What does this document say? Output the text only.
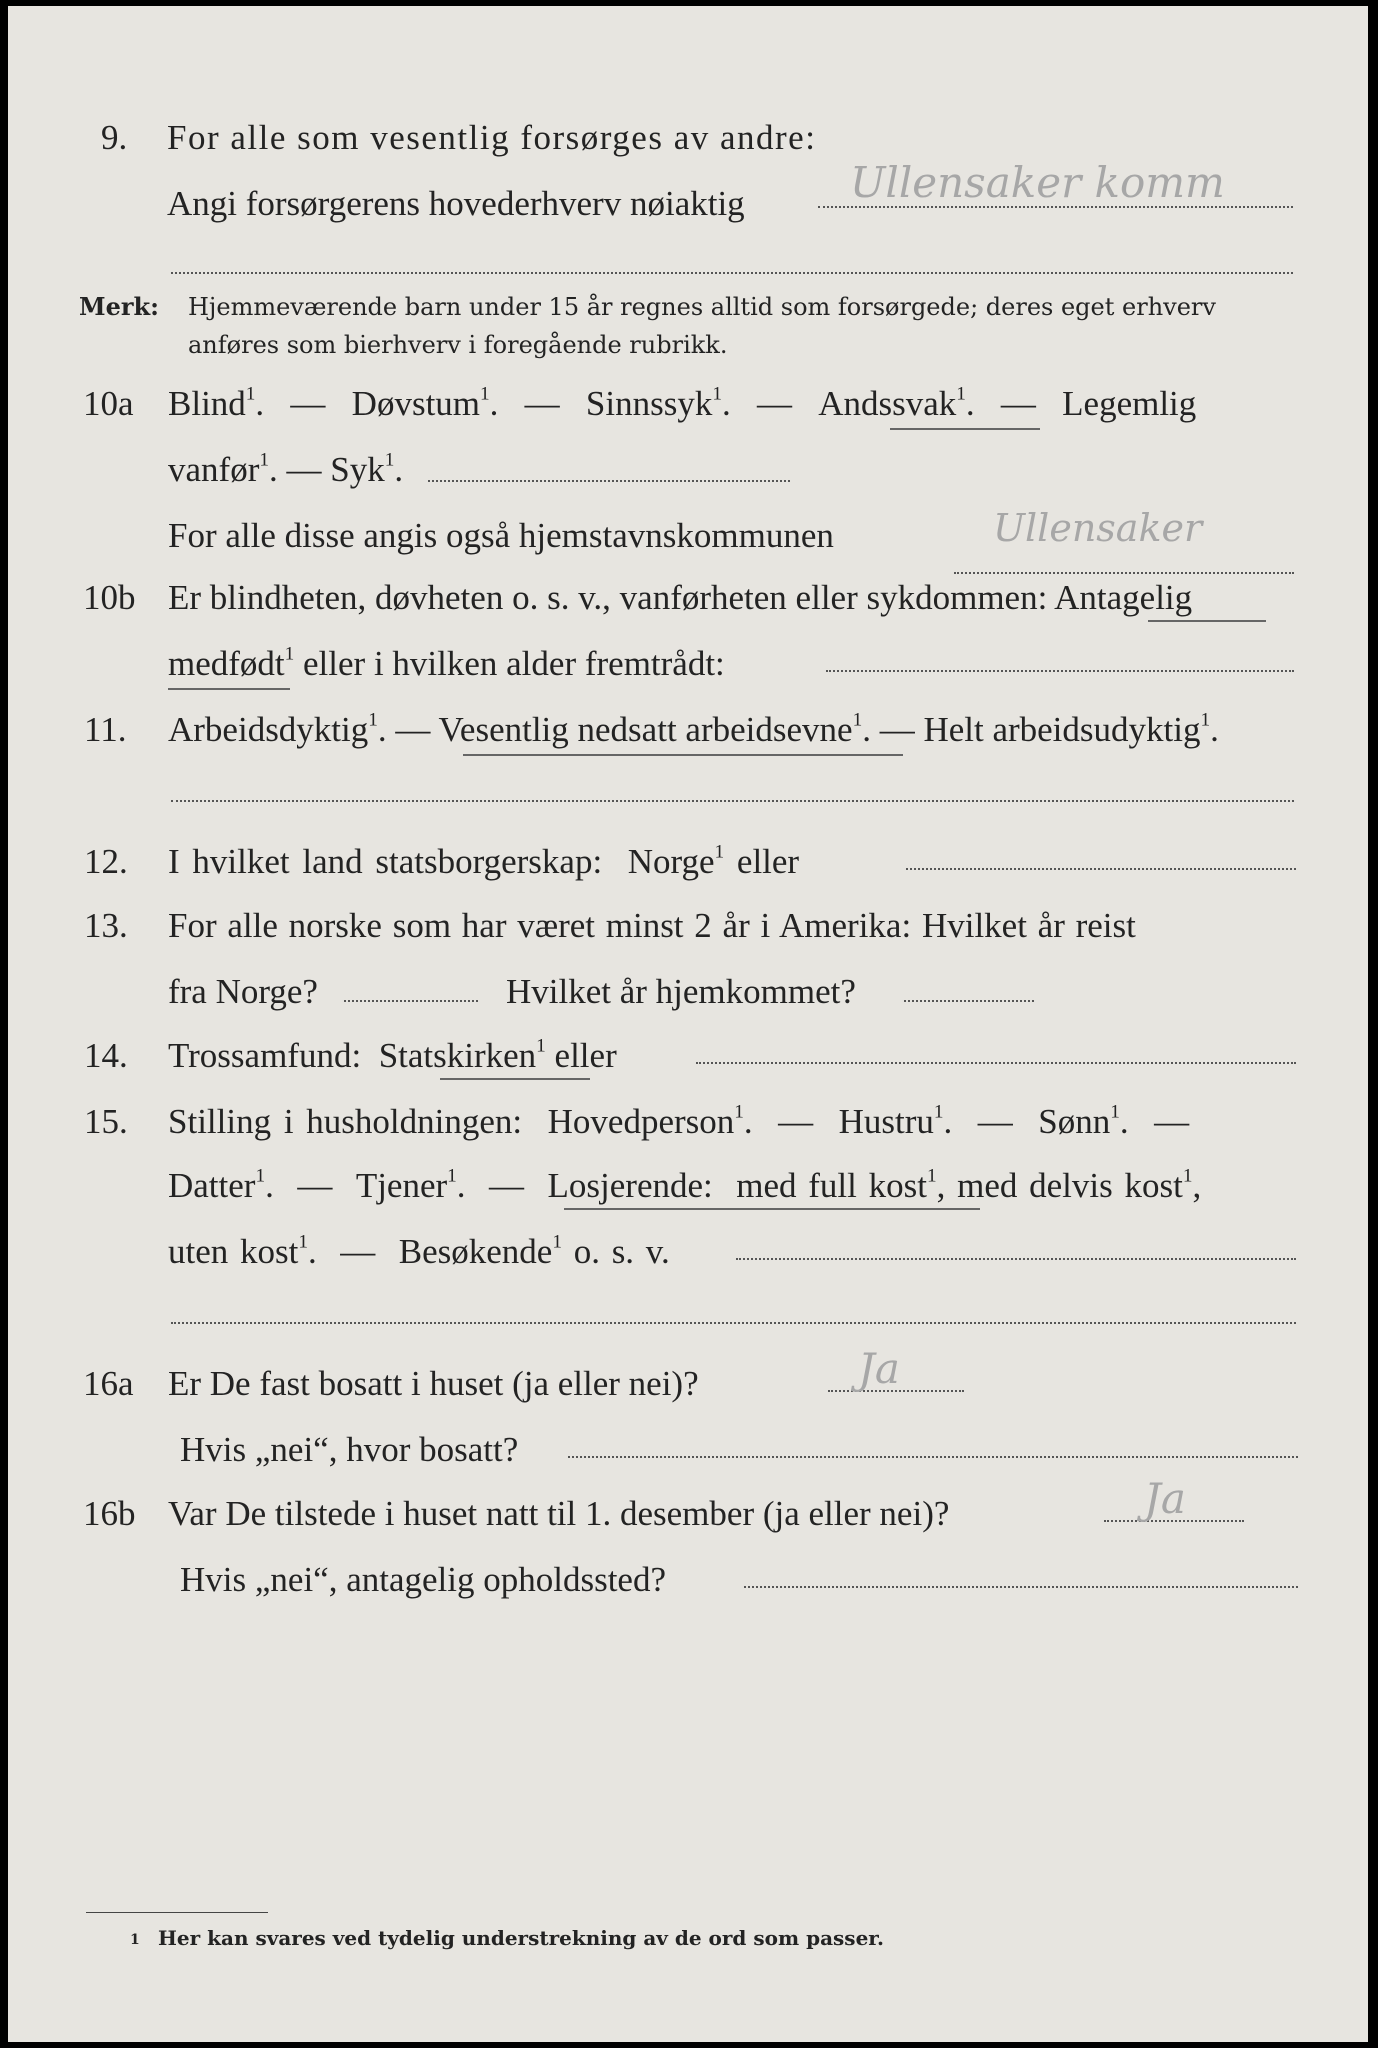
9. For alle som vesentlig forsørges av andre:
Angi forsørgerens hovederhverv nøiaktig	Ullensaker komm
Merk: Hjemmeværende barn under 15 år regnes alltid som forsørgede; deres eget erhverv
anføres som bierhverv i foregående rubrikk.
10a Blind$^1$. — Døvstum$^1$. — Sinnssyk$^1$. — Andssvak$^1$. — Legemlig
vanfør$^1$. — Syk$^1$.
For alle disse angis også hjemstavnskommunen	Ullensaker
10b Er blindheten, døvheten o. s. v., vanførheten eller sykdommen: Antagelig
medfødt$^1$ eller i hvilken alder fremtrådt:
11. Arbeidsdyktig$^1$. — Vesentlig nedsatt arbeidsevne$^1$. — Helt arbeidsudyktig$^1$.
12. I hvilket land statsborgerskap: Norge$^1$ eller
13. For alle norske som har været minst 2 år i Amerika: Hvilket år reist
fra Norge?	Hvilket år hjemkommet?
14. Trossamfund: Statskirken$^1$ eller
15. Stilling i husholdningen: Hovedperson$^1$. — Hustru$^1$. — Sønn$^1$. —
Datter$^1$. — Tjener$^1$. — Losjerende: med full kost$^1$, med delvis kost$^1$,
uten kost$^1$. — Besøkende$^1$ o. s. v.
16a Er De fast bosatt i huset (ja eller nei)?	Ja
Hvis „nei“, hvor bosatt?
16b Var De tilstede i huset natt til 1. desember (ja eller nei)?	Ja
Hvis „nei“, antagelig opholdssted?
1 Her kan svares ved tydelig understrekning av de ord som passer.
